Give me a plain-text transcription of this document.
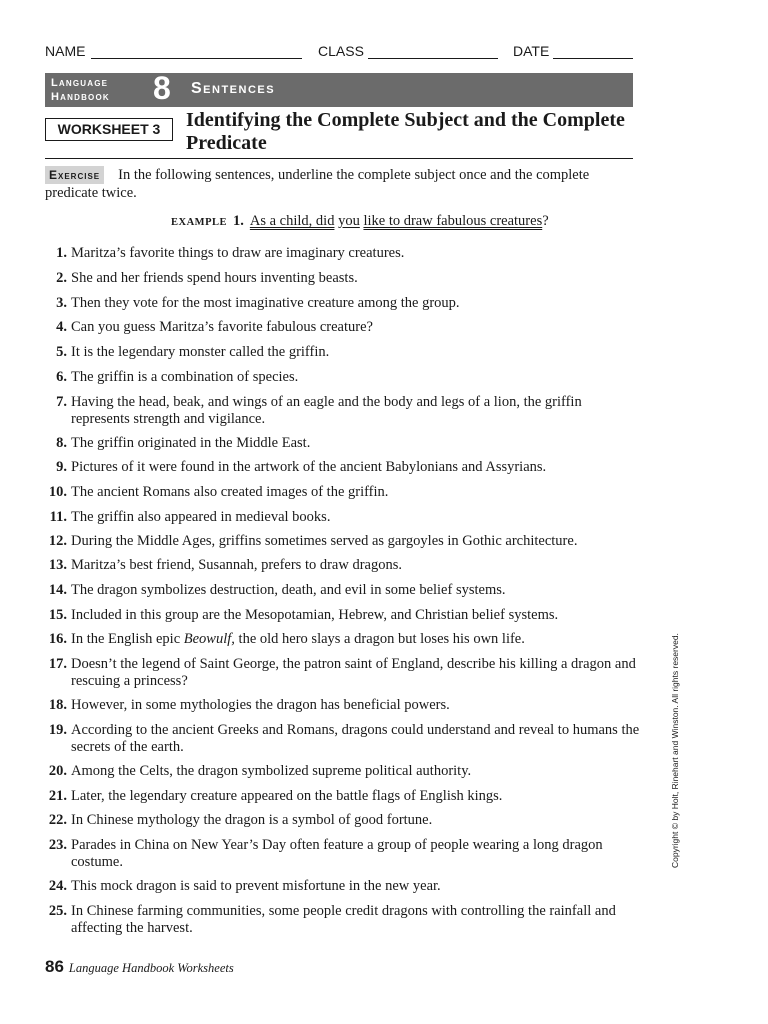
NAME	CLASS	DATE
Language
Handbook 8 Sentences
WORKSHEET 3	Identifying the Complete Subject and the Complete Predicate
Exercise In the following sentences, underline the complete subject once and the complete predicate twice.
EXAMPLE 1. As a child, did you like to draw fabulous creatures?
1. Maritza’s favorite things to draw are imaginary creatures.
2. She and her friends spend hours inventing beasts.
3. Then they vote for the most imaginative creature among the group.
4. Can you guess Maritza’s favorite fabulous creature?
5. It is the legendary monster called the griffin.
6. The griffin is a combination of species.
7. Having the head, beak, and wings of an eagle and the body and legs of a lion, the griffin represents strength and vigilance.
8. The griffin originated in the Middle East.
9. Pictures of it were found in the artwork of the ancient Babylonians and Assyrians.
10. The ancient Romans also created images of the griffin.
11. The griffin also appeared in medieval books.
12. During the Middle Ages, griffins sometimes served as gargoyles in Gothic architecture.
13. Maritza’s best friend, Susannah, prefers to draw dragons.
14. The dragon symbolizes destruction, death, and evil in some belief systems.
15. Included in this group are the Mesopotamian, Hebrew, and Christian belief systems.
16. In the English epic Beowulf, the old hero slays a dragon but loses his own life.
17. Doesn’t the legend of Saint George, the patron saint of England, describe his killing a dragon and rescuing a princess?
18. However, in some mythologies the dragon has beneficial powers.
19. According to the ancient Greeks and Romans, dragons could understand and reveal to humans the secrets of the earth.
20. Among the Celts, the dragon symbolized supreme political authority.
21. Later, the legendary creature appeared on the battle flags of English kings.
22. In Chinese mythology the dragon is a symbol of good fortune.
23. Parades in China on New Year’s Day often feature a group of people wearing a long dragon costume.
24. This mock dragon is said to prevent misfortune in the new year.
25. In Chinese farming communities, some people credit dragons with controlling the rainfall and affecting the harvest.
Copyright © by Holt, Rinehart and Winston. All rights reserved.
86 Language Handbook Worksheets
